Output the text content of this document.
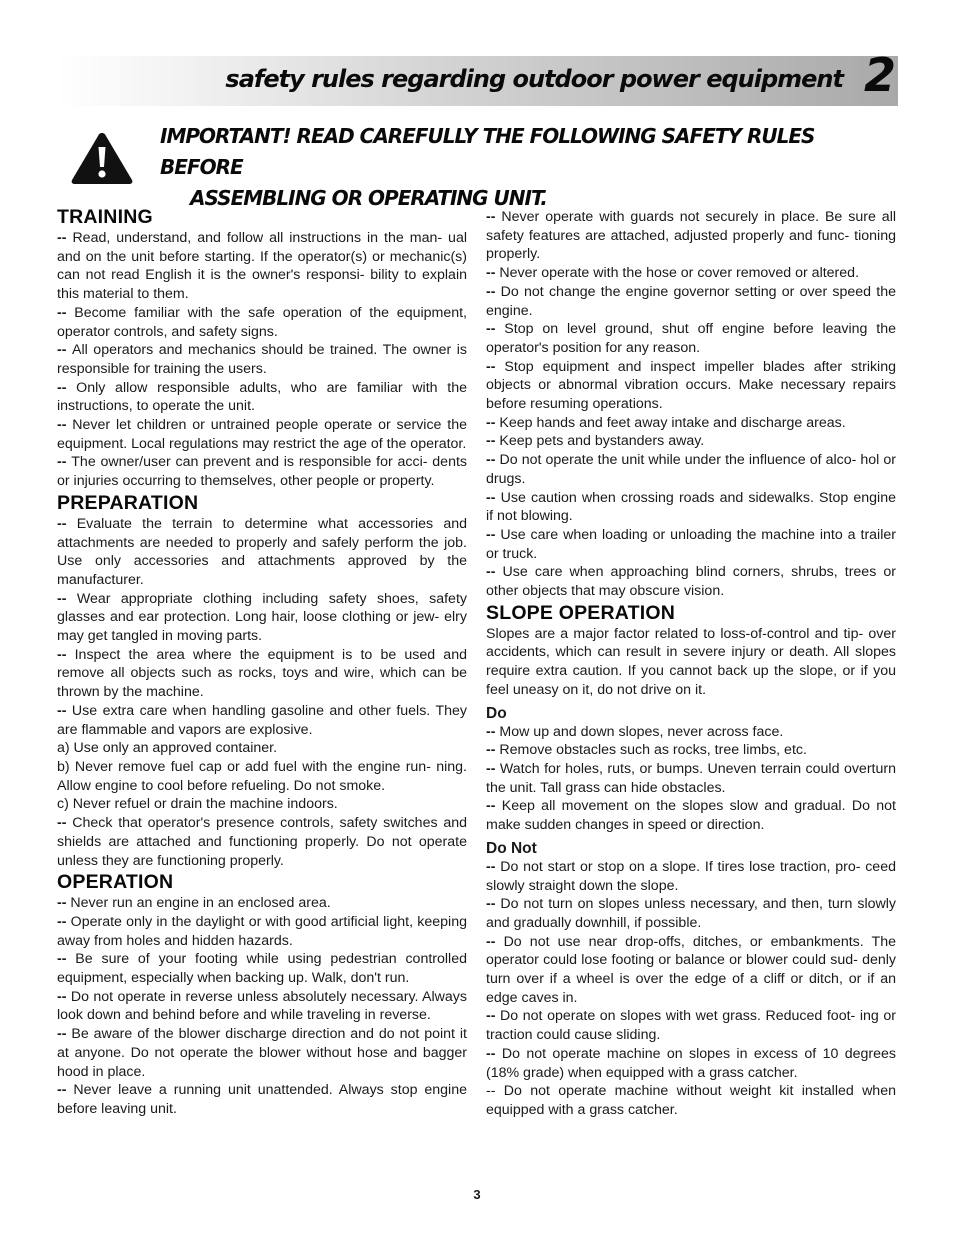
safety rules regarding outdoor power equipment 2
IMPORTANT! READ CAREFULLY THE FOLLOWING SAFETY RULES BEFORE
ASSEMBLING OR OPERATING UNIT.
TRAINING

-- Read, understand, and follow all instructions in the man- ual and on the unit before starting. If the operator(s) or mechanic(s) can not read English it is the owner's responsi- bility to explain this material to them.

-- Become familiar with the safe operation of the equipment, operator controls, and safety signs.

-- All operators and mechanics should be trained. The owner is responsible for training the users.

-- Only allow responsible adults, who are familiar with the instructions, to operate the unit.

-- Never let children or untrained people operate or service the equipment. Local regulations may restrict the age of the operator.

-- The owner/user can prevent and is responsible for acci- dents or injuries occurring to themselves, other people or property.

PREPARATION

-- Evaluate the terrain to determine what accessories and attachments are needed to properly and safely perform the job. Use only accessories and attachments approved by the manufacturer.

-- Wear appropriate clothing including safety shoes, safety glasses and ear protection. Long hair, loose clothing or jew- elry may get tangled in moving parts.

-- Inspect the area where the equipment is to be used and remove all objects such as rocks, toys and wire, which can be thrown by the machine.

-- Use extra care when handling gasoline and other fuels. They are flammable and vapors are explosive.

a) Use only an approved container.

b) Never remove fuel cap or add fuel with the engine run- ning. Allow engine to cool before refueling. Do not smoke.

c) Never refuel or drain the machine indoors.

-- Check that operator's presence controls, safety switches and shields are attached and functioning properly. Do not operate unless they are functioning properly.

OPERATION

-- Never run an engine in an enclosed area.

-- Operate only in the daylight or with good artificial light, keeping away from holes and hidden hazards.

-- Be sure of your footing while using pedestrian controlled equipment, especially when backing up. Walk, don't run.

-- Do not operate in reverse unless absolutely necessary. Always look down and behind before and while traveling in reverse.

-- Be aware of the blower discharge direction and do not point it at anyone. Do not operate the blower without hose and bagger hood in place.

-- Never leave a running unit unattended. Always stop engine before leaving unit.

-- Never operate with guards not securely in place. Be sure all safety features are attached, adjusted properly and func- tioning properly.

-- Never operate with the hose or cover removed or altered.

-- Do not change the engine governor setting or over speed the engine.

-- Stop on level ground, shut off engine before leaving the operator's position for any reason.

-- Stop equipment and inspect impeller blades after striking objects or abnormal vibration occurs. Make necessary repairs before resuming operations.

-- Keep hands and feet away intake and discharge areas.

-- Keep pets and bystanders away.

-- Do not operate the unit while under the influence of alco- hol or drugs.

-- Use caution when crossing roads and sidewalks. Stop engine if not blowing.

-- Use care when loading or unloading the machine into a trailer or truck.

-- Use care when approaching blind corners, shrubs, trees or other objects that may obscure vision.

SLOPE OPERATION

Slopes are a major factor related to loss-of-control and tip- over accidents, which can result in severe injury or death. All slopes require extra caution. If you cannot back up the slope, or if you feel uneasy on it, do not drive on it.

Do

-- Mow up and down slopes, never across face.

-- Remove obstacles such as rocks, tree limbs, etc.

-- Watch for holes, ruts, or bumps. Uneven terrain could overturn the unit. Tall grass can hide obstacles.

-- Keep all movement on the slopes slow and gradual. Do not make sudden changes in speed or direction.

Do Not

-- Do not start or stop on a slope. If tires lose traction, pro- ceed slowly straight down the slope.

-- Do not turn on slopes unless necessary, and then, turn slowly and gradually downhill, if possible.

-- Do not use near drop-offs, ditches, or embankments. The operator could lose footing or balance or blower could sud- denly turn over if a wheel is over the edge of a cliff or ditch, or if an edge caves in.

-- Do not operate on slopes with wet grass. Reduced foot- ing or traction could cause sliding.

-- Do not operate machine on slopes in excess of 10 degrees (18% grade) when equipped with a grass catcher.

-- Do not operate machine without weight kit installed when equipped with a grass catcher.

3
